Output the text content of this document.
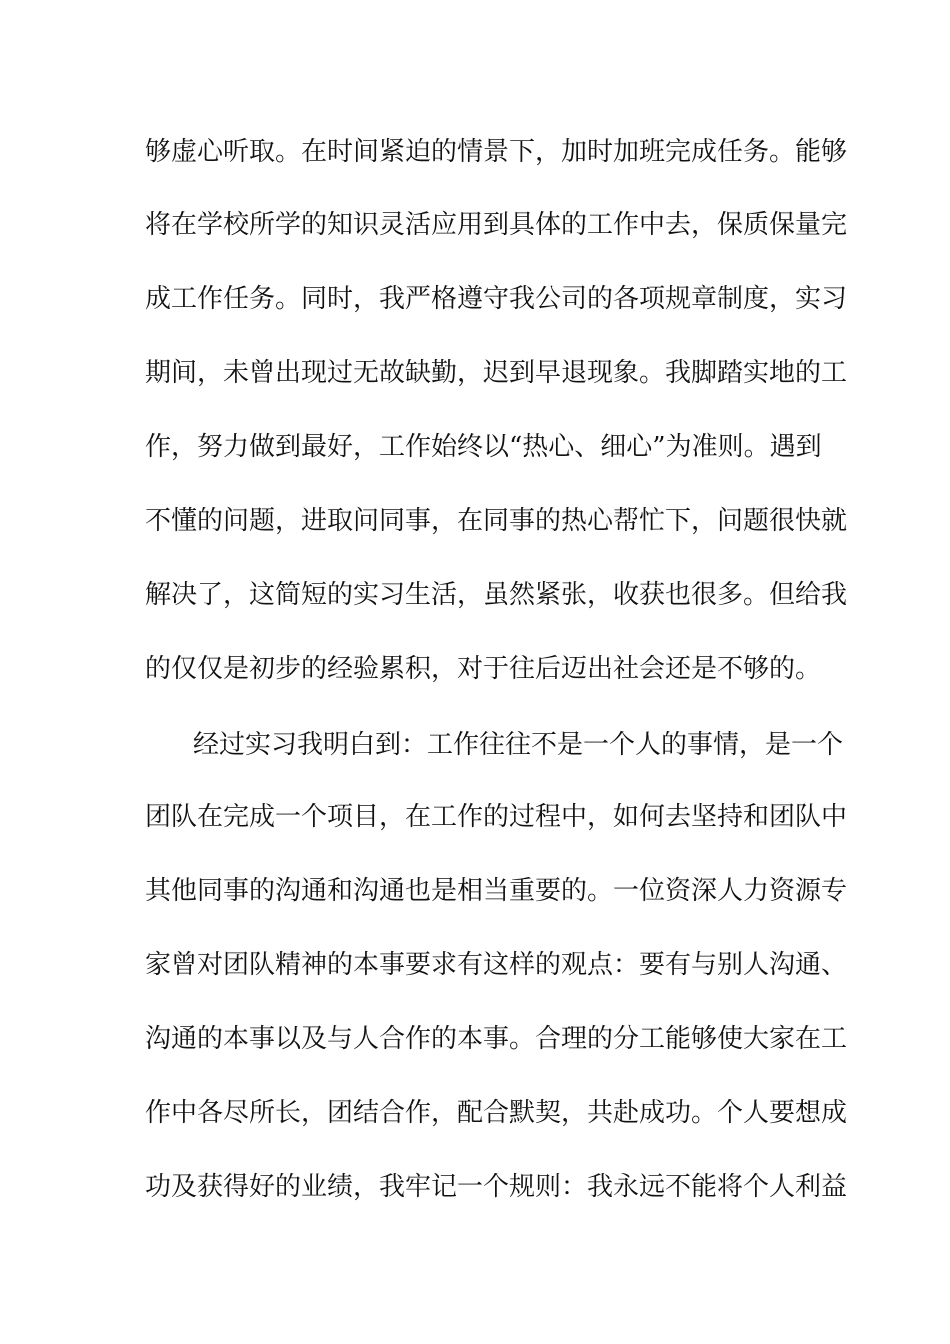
够虚心听取。在时间紧迫的情景下，加时加班完成任务。能够
将在学校所学的知识灵活应用到具体的工作中去，保质保量完
成工作任务。同时，我严格遵守我公司的各项规章制度，实习
期间，未曾出现过无故缺勤，迟到早退现象。我脚踏实地的工
作，努力做到最好，工作始终以“热心、细心”为准则。遇到
不懂的问题，进取问同事，在同事的热心帮忙下，问题很快就
解决了，这简短的实习生活，虽然紧张，收获也很多。但给我
的仅仅是初步的经验累积，对于往后迈出社会还是不够的。
经过实习我明白到：工作往往不是一个人的事情，是一个
团队在完成一个项目，在工作的过程中，如何去坚持和团队中
其他同事的沟通和沟通也是相当重要的。一位资深人力资源专
家曾对团队精神的本事要求有这样的观点：要有与别人沟通、
沟通的本事以及与人合作的本事。合理的分工能够使大家在工
作中各尽所长，团结合作，配合默契，共赴成功。个人要想成
功及获得好的业绩，我牢记一个规则：我永远不能将个人利益
